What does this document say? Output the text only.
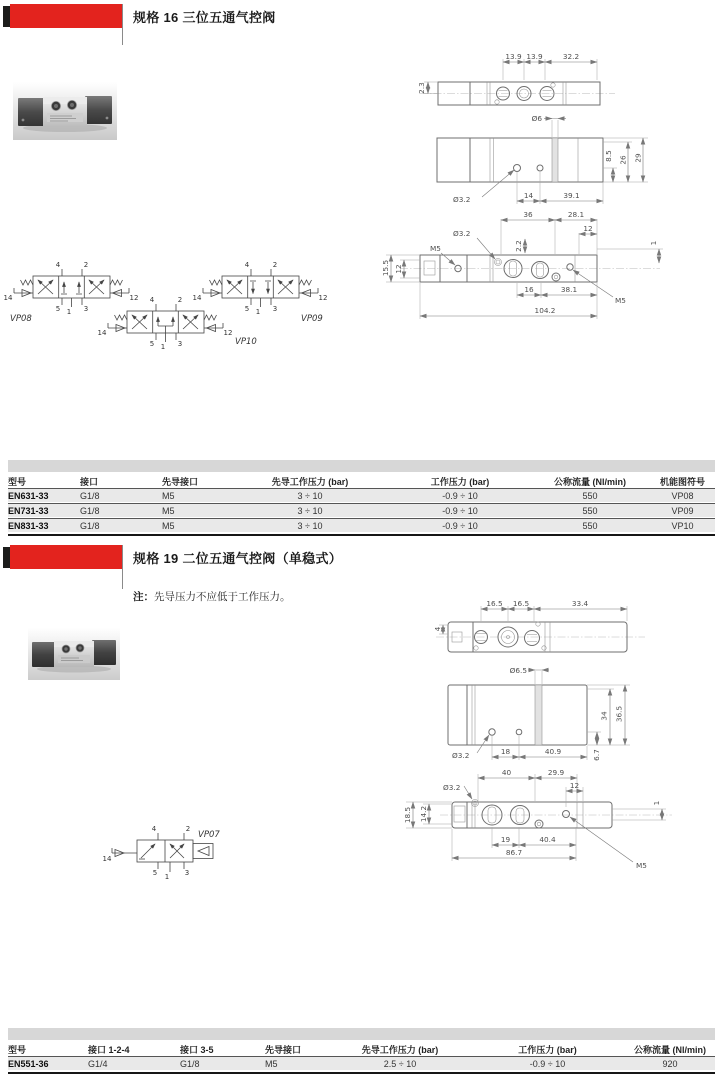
规格 16 三位五通气控阀
规格 19 二位五通气控阀（单稳式）
注：先导压力不应低于工作压力。
13.9 13.9	32.2
2.3
Ø6
Ø3.2	14	39.1
8.5 26 29
36	28.1
12
Ø3.2
2.2
15.5 12
M5
1
M5
16	38.1
104.2
4	2
5 1 3
14	12
VP08
4	2
5 1 3
14	12
VP09
4	2
5 1 3
14	12
VP10
16.5 16.5	33.4
4
Ø6.5
Ø3.2	18	40.9	6.7
34 36.5
40	29.9
12
Ø3.2
18.5 14.2
1
M5
19	40.4
86.7
4	2
5 1 3
14
VP07
型号	接口	先导接口	先导工作压力 (bar)	工作压力 (bar)	公称流量 (Nl/min)	机能图符号
EN631-33	G1/8	M5	3 ÷ 10	-0.9 ÷ 10	550	VP08
EN731-33	G1/8	M5	3 ÷ 10	-0.9 ÷ 10	550	VP09
EN831-33	G1/8	M5	3 ÷ 10	-0.9 ÷ 10	550	VP10
型号	接口 1-2-4	接口 3-5	先导接口	先导工作压力 (bar)	工作压力 (bar)	公称流量 (Nl/min)
EN551-36	G1/4	G1/8	M5	2.5 ÷ 10	-0.9 ÷ 10	920
